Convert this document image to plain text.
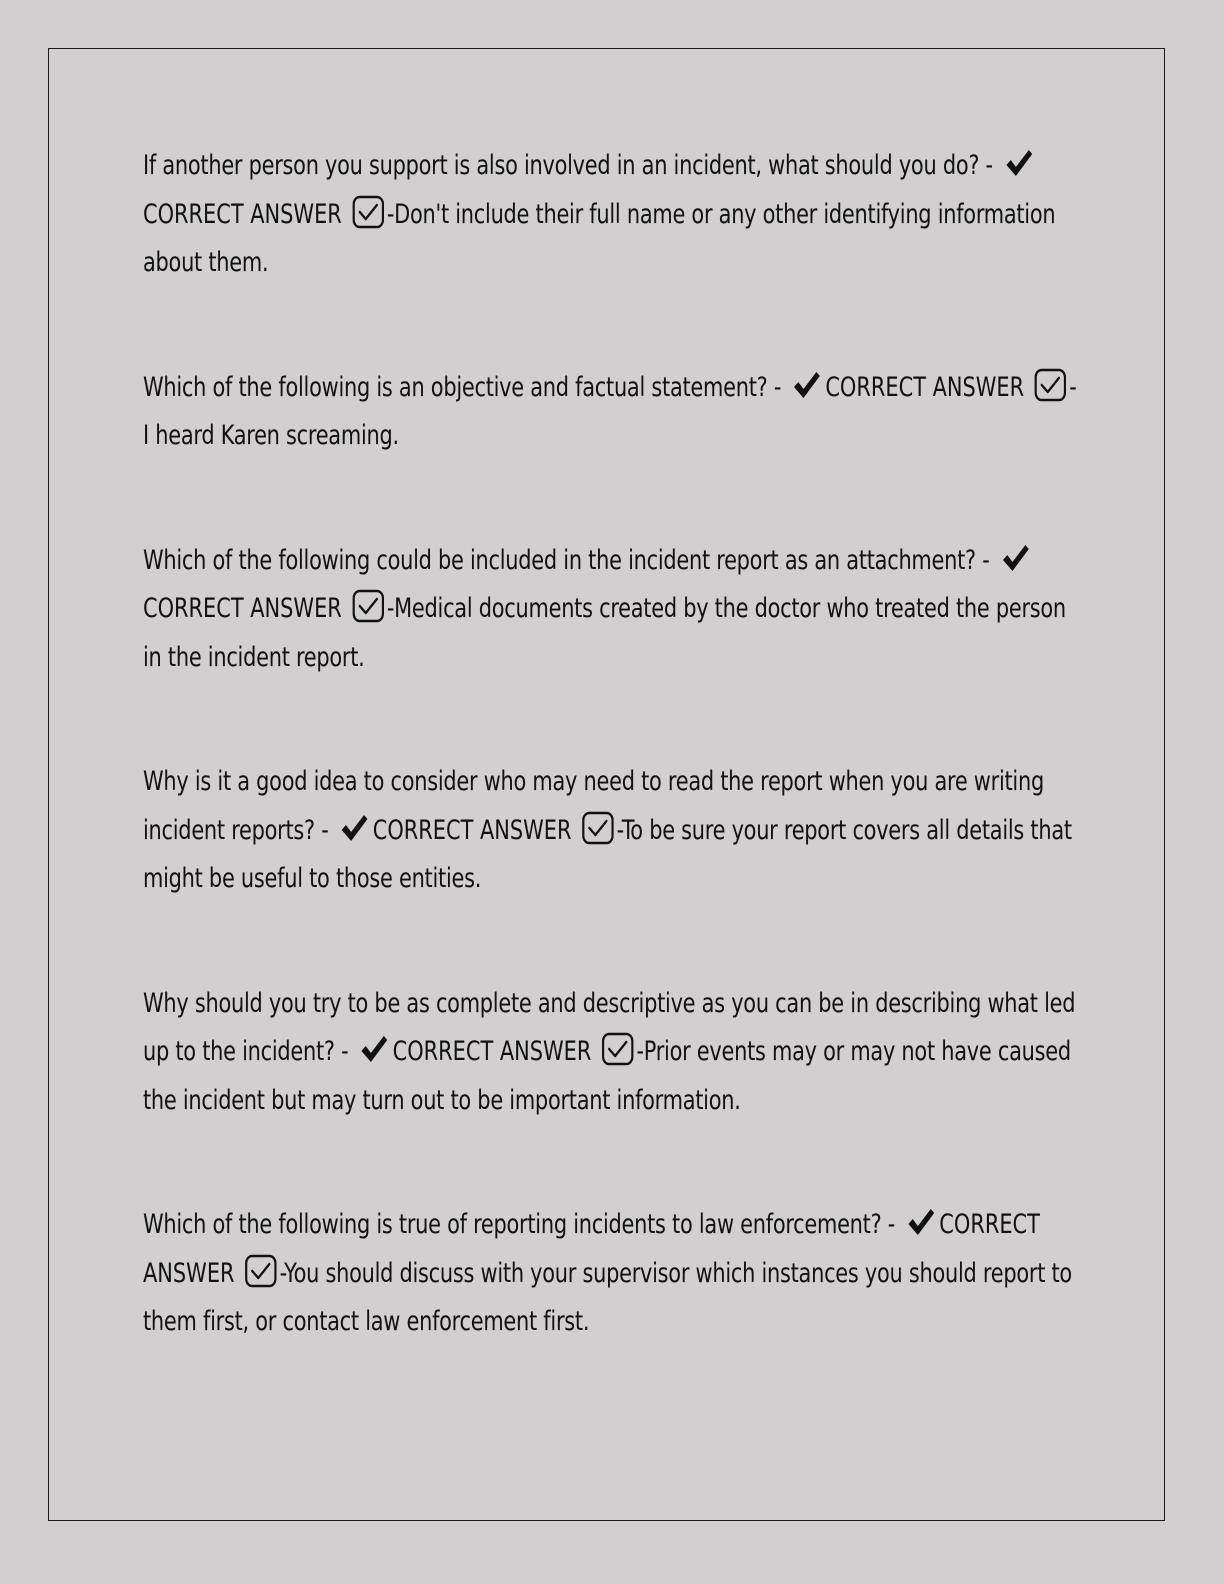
If another person you support is also involved in an incident, what should you do? - CORRECT ANSWER -Don't include their full name or any other identifying information about them.

Which of the following is an objective and factual statement? - CORRECT ANSWER -I heard Karen screaming.

Which of the following could be included in the incident report as an attachment? - CORRECT ANSWER -Medical documents created by the doctor who treated the person in the incident report.

Why is it a good idea to consider who may need to read the report when you are writing incident reports? - CORRECT ANSWER -To be sure your report covers all details that might be useful to those entities.

Why should you try to be as complete and descriptive as you can be in describing what led up to the incident? - CORRECT ANSWER -Prior events may or may not have caused the incident but may turn out to be important information.

Which of the following is true of reporting incidents to law enforcement? - CORRECT ANSWER -You should discuss with your supervisor which instances you should report to them first, or contact law enforcement first.
